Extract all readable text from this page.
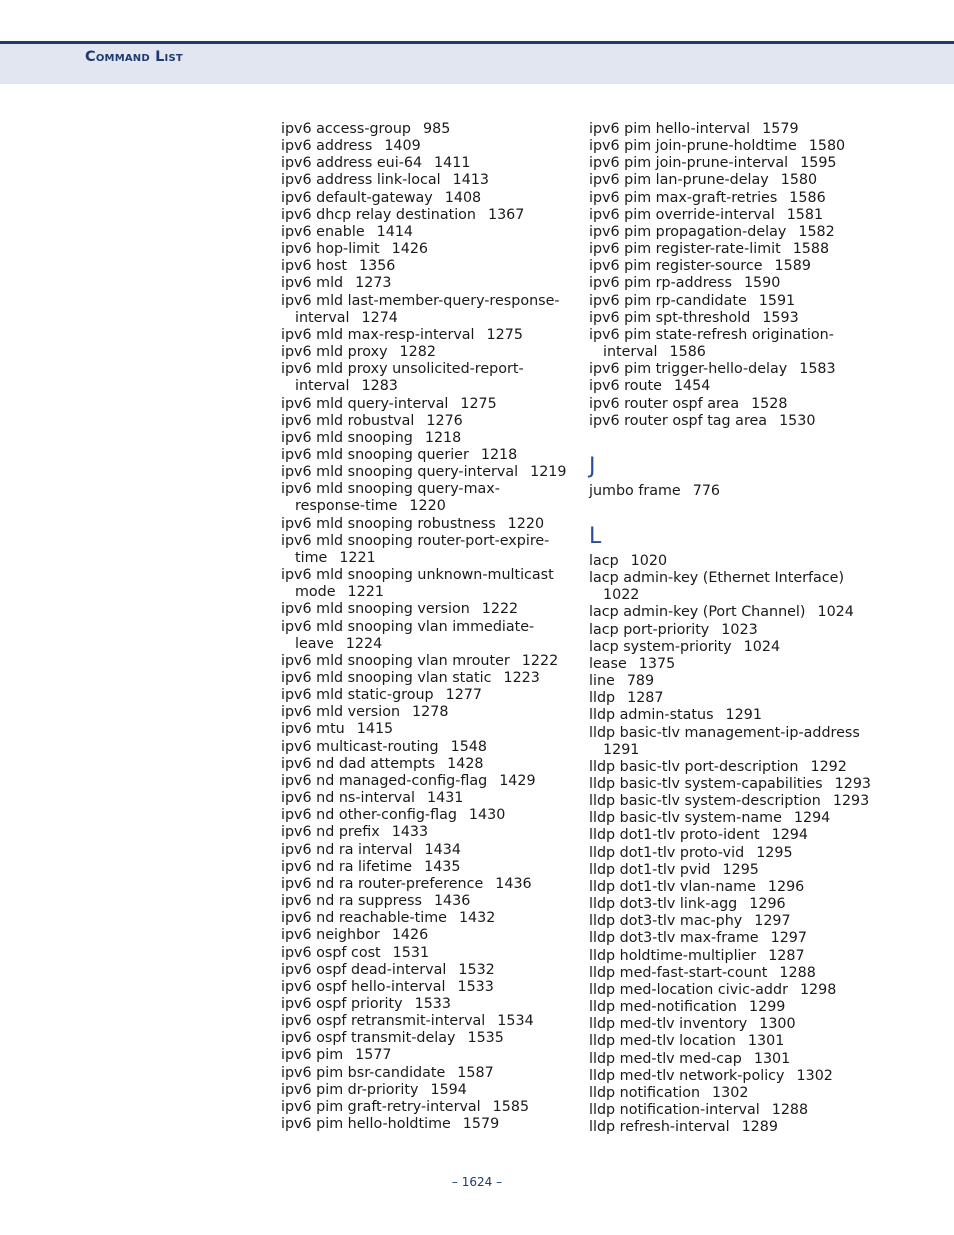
Command List
ipv6 access-group 985
ipv6 address 1409
ipv6 address eui-64 1411
ipv6 address link-local 1413
ipv6 default-gateway 1408
ipv6 dhcp relay destination 1367
ipv6 enable 1414
ipv6 hop-limit 1426
ipv6 host 1356
ipv6 mld 1273
ipv6 mld last-member-query-response-
interval 1274
ipv6 mld max-resp-interval 1275
ipv6 mld proxy 1282
ipv6 mld proxy unsolicited-report-
interval 1283
ipv6 mld query-interval 1275
ipv6 mld robustval 1276
ipv6 mld snooping 1218
ipv6 mld snooping querier 1218
ipv6 mld snooping query-interval 1219
ipv6 mld snooping query-max-
response-time 1220
ipv6 mld snooping robustness 1220
ipv6 mld snooping router-port-expire-
time 1221
ipv6 mld snooping unknown-multicast
mode 1221
ipv6 mld snooping version 1222
ipv6 mld snooping vlan immediate-
leave 1224
ipv6 mld snooping vlan mrouter 1222
ipv6 mld snooping vlan static 1223
ipv6 mld static-group 1277
ipv6 mld version 1278
ipv6 mtu 1415
ipv6 multicast-routing 1548
ipv6 nd dad attempts 1428
ipv6 nd managed-config-flag 1429
ipv6 nd ns-interval 1431
ipv6 nd other-config-flag 1430
ipv6 nd prefix 1433
ipv6 nd ra interval 1434
ipv6 nd ra lifetime 1435
ipv6 nd ra router-preference 1436
ipv6 nd ra suppress 1436
ipv6 nd reachable-time 1432
ipv6 neighbor 1426
ipv6 ospf cost 1531
ipv6 ospf dead-interval 1532
ipv6 ospf hello-interval 1533
ipv6 ospf priority 1533
ipv6 ospf retransmit-interval 1534
ipv6 ospf transmit-delay 1535
ipv6 pim 1577
ipv6 pim bsr-candidate 1587
ipv6 pim dr-priority 1594
ipv6 pim graft-retry-interval 1585
ipv6 pim hello-holdtime 1579
ipv6 pim hello-interval 1579
ipv6 pim join-prune-holdtime 1580
ipv6 pim join-prune-interval 1595
ipv6 pim lan-prune-delay 1580
ipv6 pim max-graft-retries 1586
ipv6 pim override-interval 1581
ipv6 pim propagation-delay 1582
ipv6 pim register-rate-limit 1588
ipv6 pim register-source 1589
ipv6 pim rp-address 1590
ipv6 pim rp-candidate 1591
ipv6 pim spt-threshold 1593
ipv6 pim state-refresh origination-
interval 1586
ipv6 pim trigger-hello-delay 1583
ipv6 route 1454
ipv6 router ospf area 1528
ipv6 router ospf tag area 1530
J
jumbo frame 776
L
lacp 1020
lacp admin-key (Ethernet Interface)
1022
lacp admin-key (Port Channel) 1024
lacp port-priority 1023
lacp system-priority 1024
lease 1375
line 789
lldp 1287
lldp admin-status 1291
lldp basic-tlv management-ip-address
1291
lldp basic-tlv port-description 1292
lldp basic-tlv system-capabilities 1293
lldp basic-tlv system-description 1293
lldp basic-tlv system-name 1294
lldp dot1-tlv proto-ident 1294
lldp dot1-tlv proto-vid 1295
lldp dot1-tlv pvid 1295
lldp dot1-tlv vlan-name 1296
lldp dot3-tlv link-agg 1296
lldp dot3-tlv mac-phy 1297
lldp dot3-tlv max-frame 1297
lldp holdtime-multiplier 1287
lldp med-fast-start-count 1288
lldp med-location civic-addr 1298
lldp med-notification 1299
lldp med-tlv inventory 1300
lldp med-tlv location 1301
lldp med-tlv med-cap 1301
lldp med-tlv network-policy 1302
lldp notification 1302
lldp notification-interval 1288
lldp refresh-interval 1289
– 1624 –
